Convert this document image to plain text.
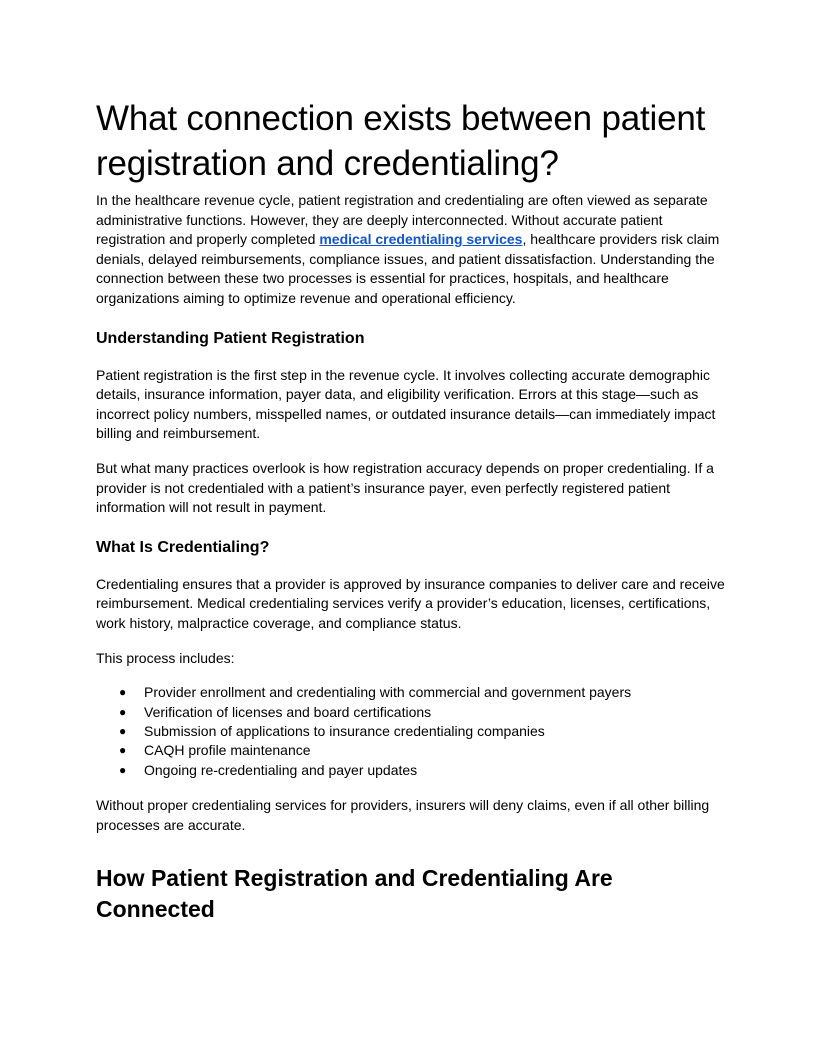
What connection exists between patient registration and credentialing?

In the healthcare revenue cycle, patient registration and credentialing are often viewed as separate administrative functions. However, they are deeply interconnected. Without accurate patient registration and properly completed medical credentialing services, healthcare providers risk claim denials, delayed reimbursements, compliance issues, and patient dissatisfaction. Understanding the connection between these two processes is essential for practices, hospitals, and healthcare organizations aiming to optimize revenue and operational efficiency.

Understanding Patient Registration

Patient registration is the first step in the revenue cycle. It involves collecting accurate demographic details, insurance information, payer data, and eligibility verification. Errors at this stage—such as incorrect policy numbers, misspelled names, or outdated insurance details—can immediately impact billing and reimbursement.

But what many practices overlook is how registration accuracy depends on proper credentialing. If a provider is not credentialed with a patient’s insurance payer, even perfectly registered patient information will not result in payment.

What Is Credentialing?

Credentialing ensures that a provider is approved by insurance companies to deliver care and receive reimbursement. Medical credentialing services verify a provider’s education, licenses, certifications, work history, malpractice coverage, and compliance status.

This process includes:

● Provider enrollment and credentialing with commercial and government payers
● Verification of licenses and board certifications
● Submission of applications to insurance credentialing companies
● CAQH profile maintenance
● Ongoing re-credentialing and payer updates

Without proper credentialing services for providers, insurers will deny claims, even if all other billing processes are accurate.

How Patient Registration and Credentialing Are Connected
